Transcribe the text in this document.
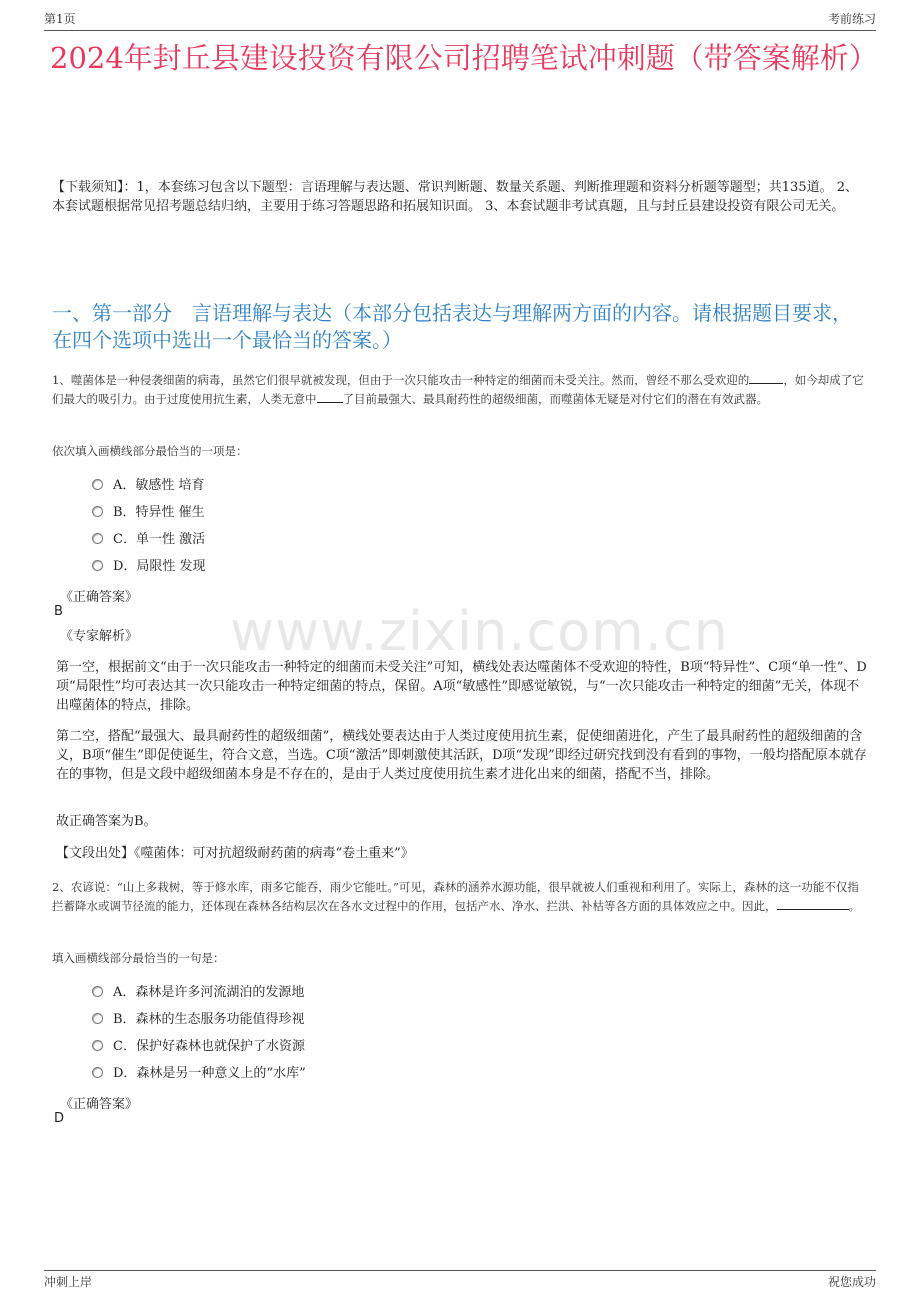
第1页	考前练习
2024年封丘县建设投资有限公司招聘笔试冲刺题（带答案解析）
【下载须知】：1，本套练习包含以下题型：言语理解与表达题、常识判断题、数量关系题、判断推理题和资料分析题等题型；共135道。 2、本套试题根据常见招考题总结归纳，主要用于练习答题思路和拓展知识面。 3、本套试题非考试真题，且与封丘县建设投资有限公司无关。
一、第一部分　言语理解与表达（本部分包括表达与理解两方面的内容。请根据题目要求，在四个选项中选出一个最恰当的答案。）
1、噬菌体是一种侵袭细菌的病毒，虽然它们很早就被发现，但由于一次只能攻击一种特定的细菌而未受关注。然而，曾经不那么受欢迎的	，如今却成了它们最大的吸引力。由于过度使用抗生素，人类无意中 了目前最强大、最具耐药性的超级细菌，而噬菌体无疑是对付它们的潜在有效武器。
依次填入画横线部分最恰当的一项是：
A．敏感性 培育
B．特异性 催生
C．单一性 激活
D．局限性 发现
《正确答案》
B
《专家解析》 www.zixin.com.cn
第一空，根据前文“由于一次只能攻击一种特定的细菌而未受关注”可知，横线处表达噬菌体不受欢迎的特性，B项“特异性”、C项“单一性”、D项“局限性”均可表达其一次只能攻击一种特定细菌的特点，保留。A项“敏感性”即感觉敏锐，与“一次只能攻击一种特定的细菌”无关，体现不出噬菌体的特点，排除。
第二空，搭配“最强大、最具耐药性的超级细菌”，横线处要表达由于人类过度使用抗生素，促使细菌进化，产生了最具耐药性的超级细菌的含义，B项“催生”即促使诞生，符合文意，当选。C项“激活”即刺激使其活跃，D项“发现”即经过研究找到没有看到的事物，一般均搭配原本就存在的事物，但是文段中超级细菌本身是不存在的，是由于人类过度使用抗生素才进化出来的细菌，搭配不当，排除。
故正确答案为B。
【文段出处】《噬菌体：可对抗超级耐药菌的病毒“卷土重来”》
2、农谚说：“山上多栽树，等于修水库，雨多它能吞，雨少它能吐。”可见，森林的涵养水源功能，很早就被人们重视和利用了。实际上，森林的这一功能不仅指拦蓄降水或调节径流的能力，还体现在森林各结构层次在各水文过程中的作用，包括产水、净水、拦洪、补枯等各方面的具体效应之中。因此，	。
填入画横线部分最恰当的一句是：
A．森林是许多河流湖泊的发源地
B．森林的生态服务功能值得珍视
C．保护好森林也就保护了水资源
D．森林是另一种意义上的“水库”
《正确答案》
D
冲刺上岸	祝您成功
